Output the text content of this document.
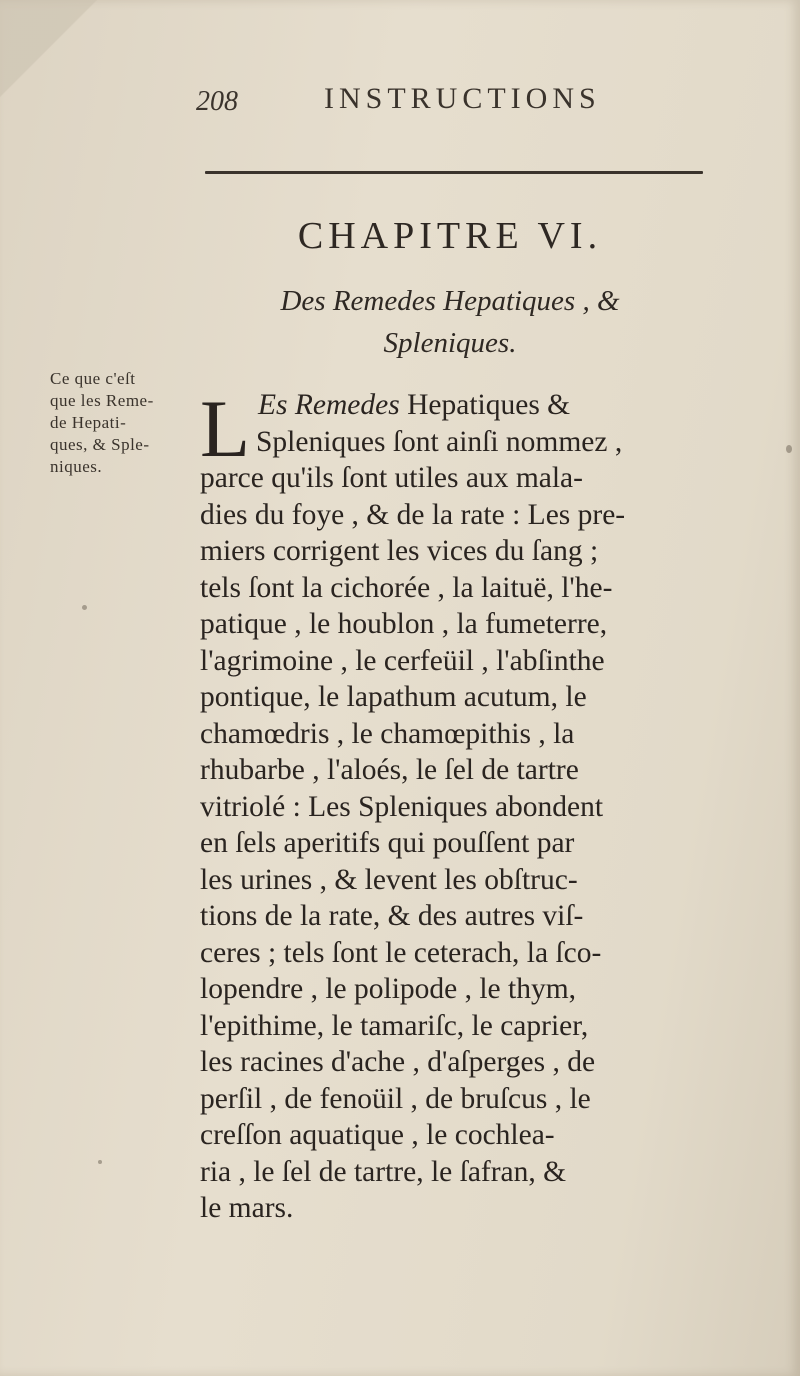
208	INSTRUCTIONS
CHAPITRE VI.
Des Remedes Hepatiques , &
Spleniques.
Ce que c'eſt
que les Reme-
de Hepati-
ques, & Sple-
niques.	L Es Remedes Hepatiques &
Spleniques ſont ainſi nommez ,
parce qu'ils ſont utiles aux mala-
dies du foye , & de la rate : Les pre-
miers corrigent les vices du ſang ;
tels ſont la cichorée , la laituë, l'he-
patique , le houblon , la fumeterre,
l'agrimoine , le cerfeüil , l'abſinthe
pontique, le lapathum acutum, le
chamœdris , le chamœpithis , la
rhubarbe , l'aloés, le ſel de tartre
vitriolé : Les Spleniques abondent
en ſels aperitifs qui pouſſent par
les urines , & levent les obſtruc-
tions de la rate, & des autres viſ-
ceres ; tels ſont le ceterach, la ſco-
lopendre , le polipode , le thym,
l'epithime, le tamariſc, le caprier,
les racines d'ache , d'aſperges , de
perſil , de fenoüil , de bruſcus , le
creſſon aquatique , le cochlea-
ria , le ſel de tartre, le ſafran, &
le mars.
